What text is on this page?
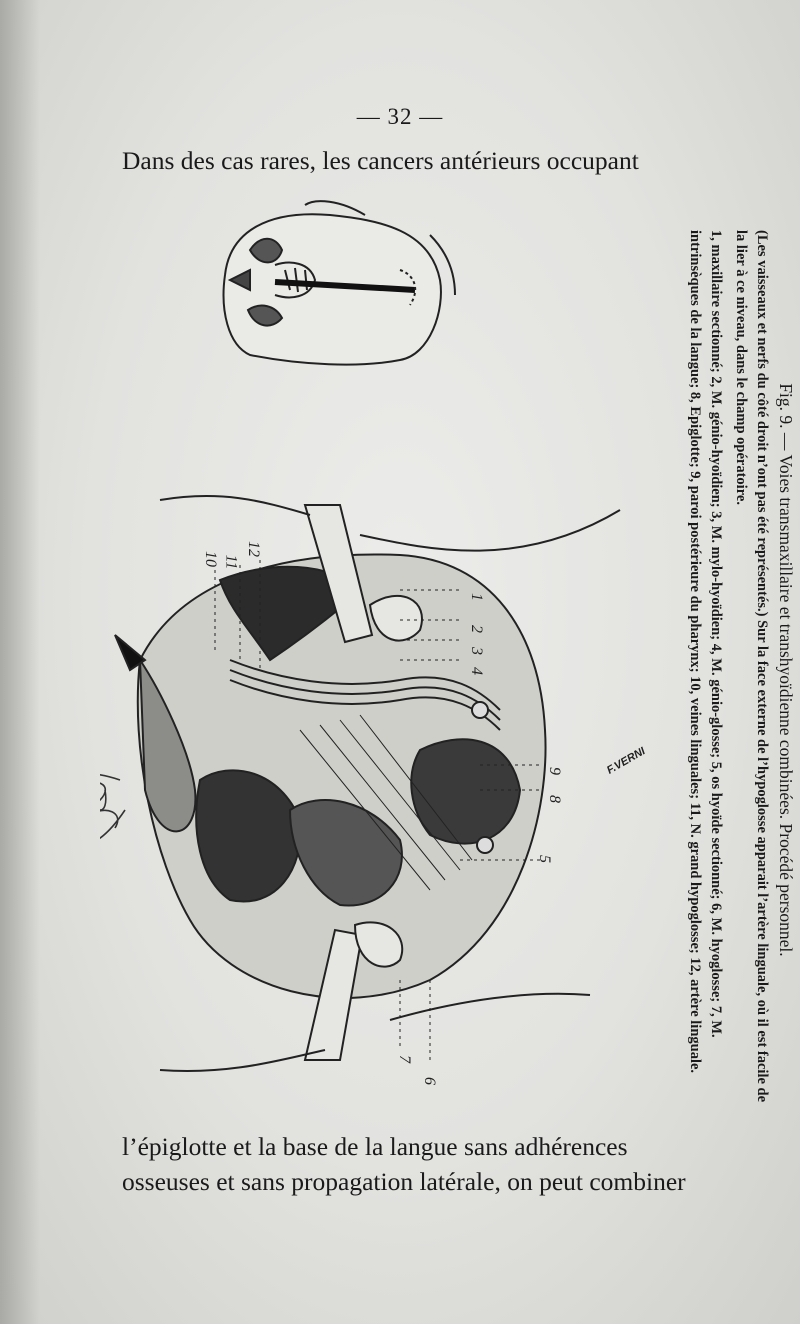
— 32 —
Dans des cas rares, les cancers antérieurs occupant
1
2
3
4
5
6
7
8
9
10 11
12
F.VERNI	Fig. 9. — Voies transmaxillaire et transhyoïdienne combinées. Procédé personnel.
(Les vaisseaux et nerfs du côté droit n’ont pas été représentés.) Sur la face externe de l’hypoglosse apparait l’artère linguale, où il est facile de la lier à ce niveau, dans le champ opératoire.
1, maxillaire sectionné; 2, M. génio-hyoïdien; 3, M. mylo-hyoïdien; 4, M. génio-glosse; 5, os hyoïde sectionné; 6, M. hyoglosse; 7, M. intrinsèques de la langue; 8, Epiglotte; 9, paroi postérieure du pharynx; 10, veines linguales; 11, N. grand hypoglosse; 12, artère linguale.
l’épiglotte et la base de la langue sans adhérences
osseuses et sans propagation latérale, on peut combiner
